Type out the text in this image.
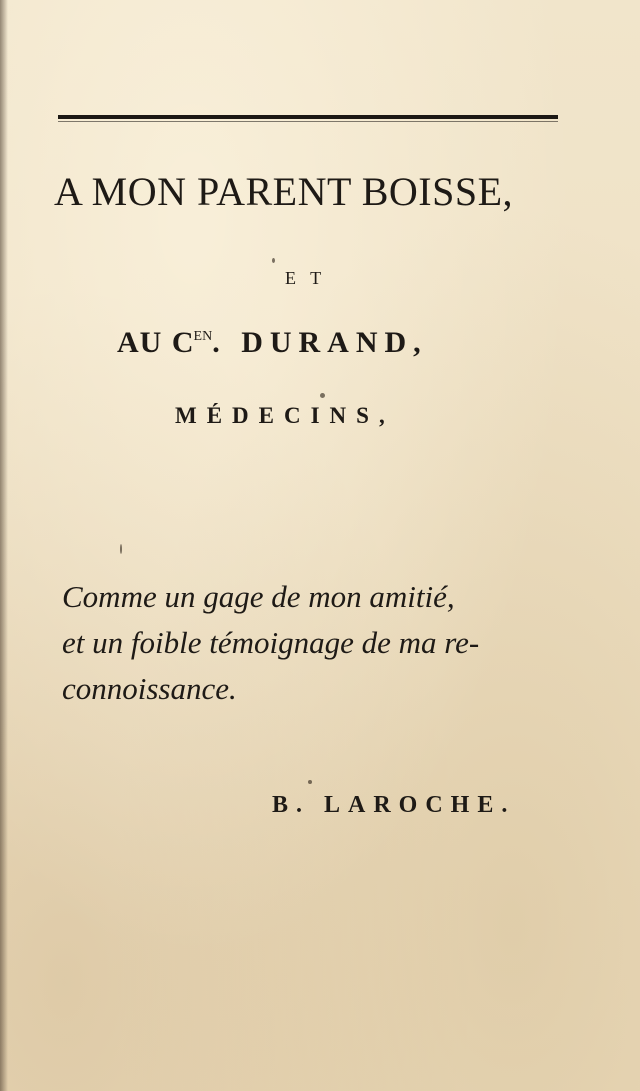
A MON PARENT BOISSE,
E T
AU $C^{EN}$. DURAND,
MÉDECINS,
Comme un gage de mon amitié,
et un foible témoignage de ma re-
connoissance.
B. LAROCHE.
